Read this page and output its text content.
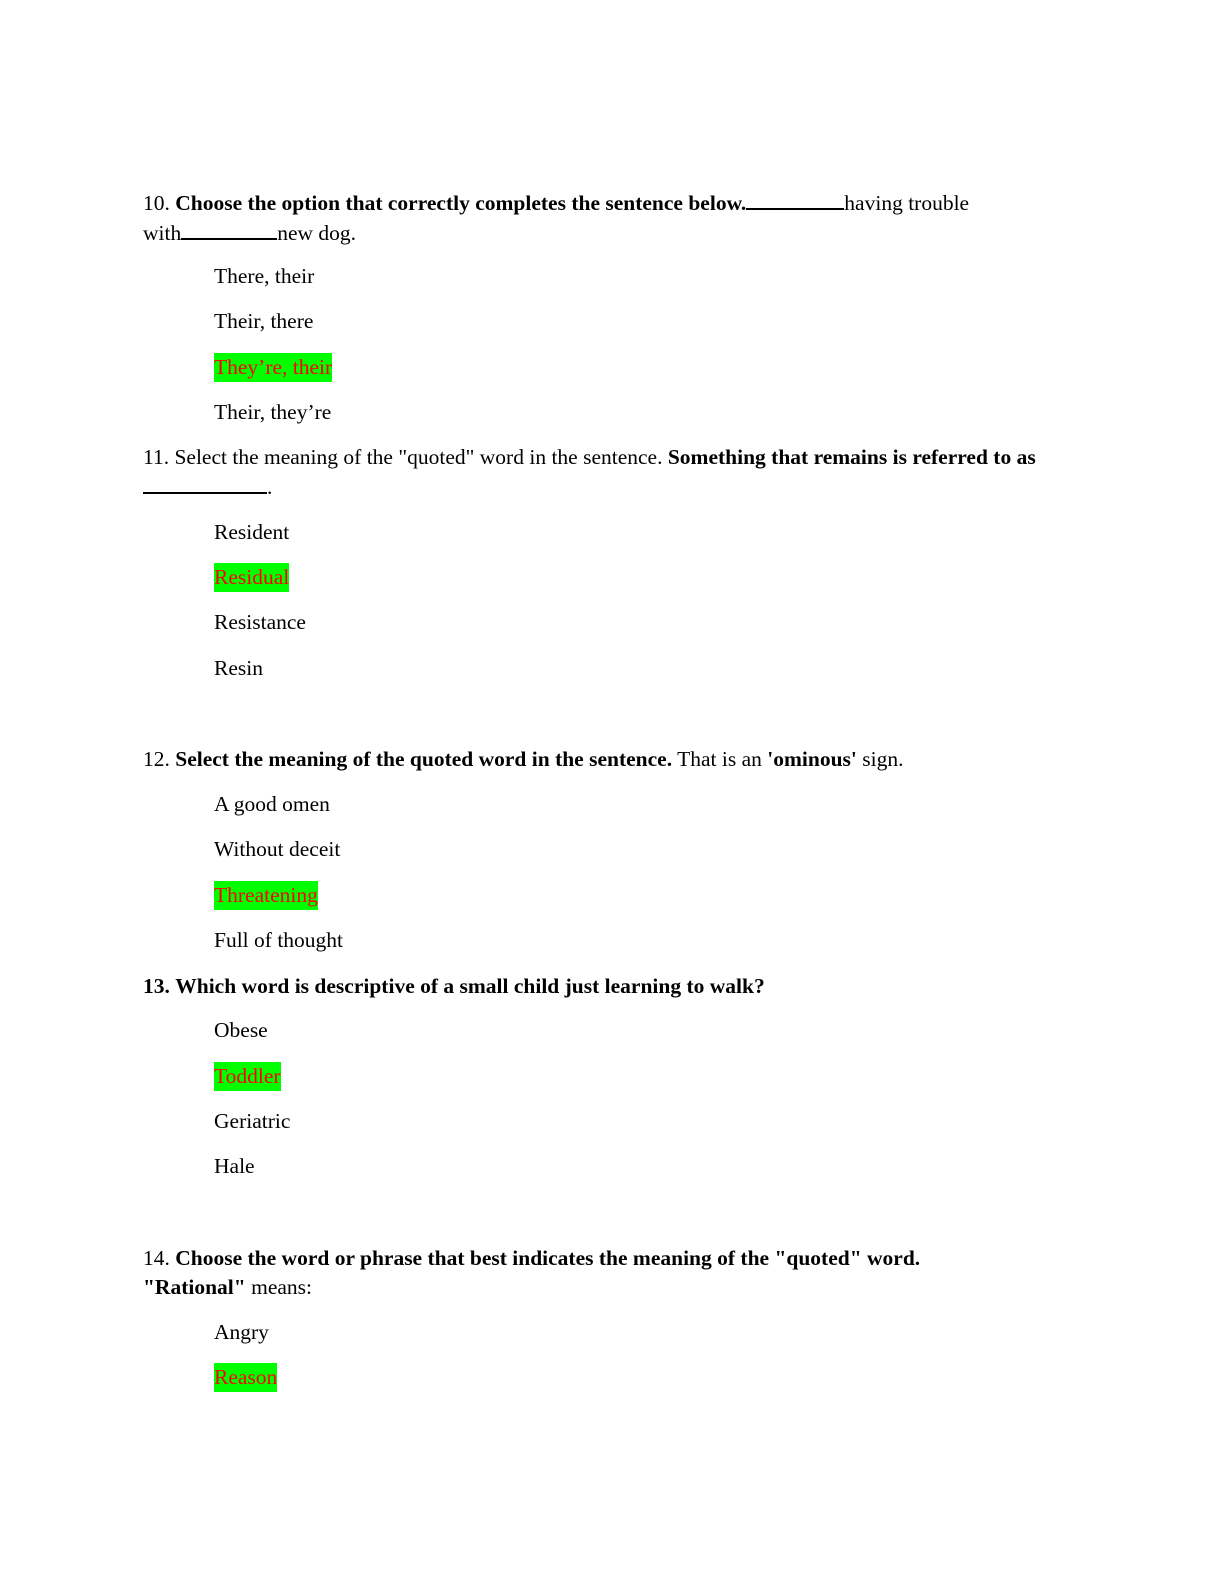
10. Choose the option that correctly completes the sentence below.	having trouble
with	new dog.
There, their
Their, there
They’re, their
Their, they’re
11. Select the meaning of the "quoted" word in the sentence. Something that remains is referred to as.
Resident
Residual
Resistance
Resin
12. Select the meaning of the quoted word in the sentence. That is an 'ominous' sign.
A good omen
Without deceit
Threatening
Full of thought
13. Which word is descriptive of a small child just learning to walk?
Obese
Toddler
Geriatric
Hale
14. Choose the word or phrase that best indicates the meaning of the "quoted" word.
"Rational" means:
Angry
Reason
